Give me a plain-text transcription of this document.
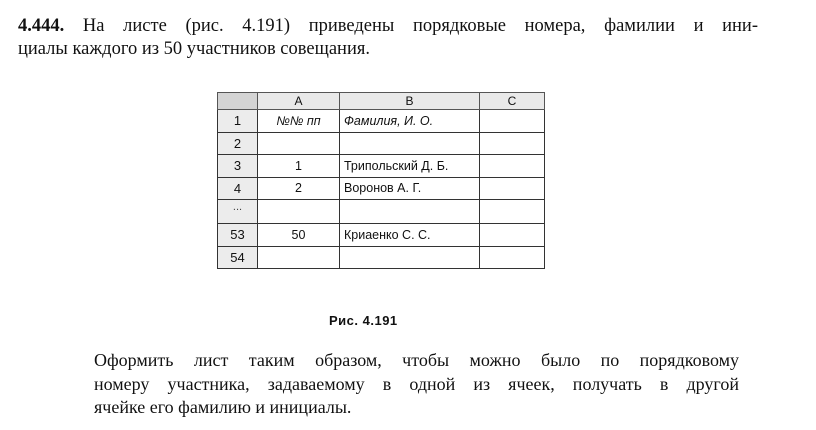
4.444. На листе (рис. 4.191) приведены порядковые номера, фамилии и ини-
циалы каждого из 50 участников совещания.
	A	B	C
1	№№ пп	Фамилия, И. О.	
2			
3	1	Трипольский Д. Б.	
4	2	Воронов А. Г.	
...			
53	50	Криаенко С. С.	
54			
Рис. 4.191
Оформить лист таким образом, чтобы можно было по порядковому
номеру участника, задаваемому в одной из ячеек, получать в другой
ячейке его фамилию и инициалы.
